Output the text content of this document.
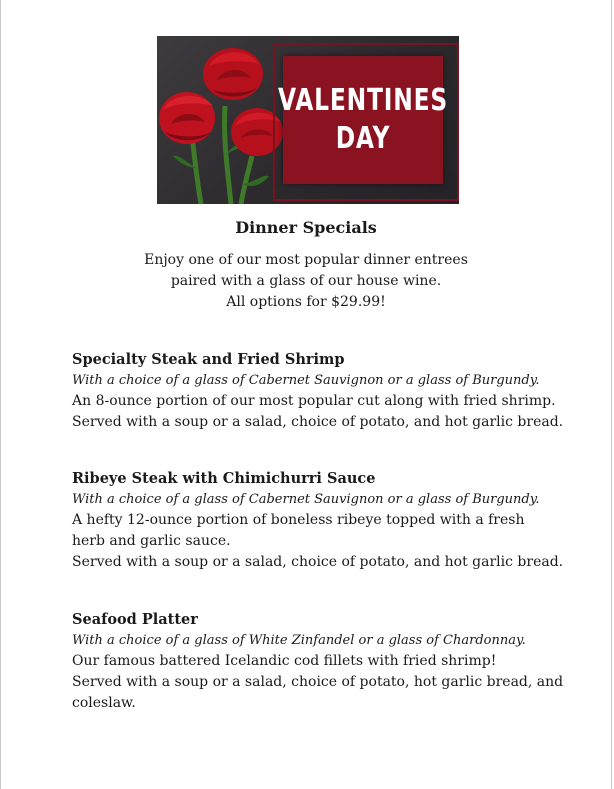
VALENTINES
DAY
Dinner Specials
Enjoy one of our most popular dinner entrees
paired with a glass of our house wine.
All options for $29.99!
Specialty Steak and Fried Shrimp
With a choice of a glass of Cabernet Sauvignon or a glass of Burgundy.
An 8-ounce portion of our most popular cut along with fried shrimp.
Served with a soup or a salad, choice of potato, and hot garlic bread.
Ribeye Steak with Chimichurri Sauce
With a choice of a glass of Cabernet Sauvignon or a glass of Burgundy.
A hefty 12-ounce portion of boneless ribeye topped with a fresh
herb and garlic sauce.
Served with a soup or a salad, choice of potato, and hot garlic bread.
Seafood Platter
With a choice of a glass of White Zinfandel or a glass of Chardonnay.
Our famous battered Icelandic cod fillets with fried shrimp!
Served with a soup or a salad, choice of potato, hot garlic bread, and
coleslaw.
